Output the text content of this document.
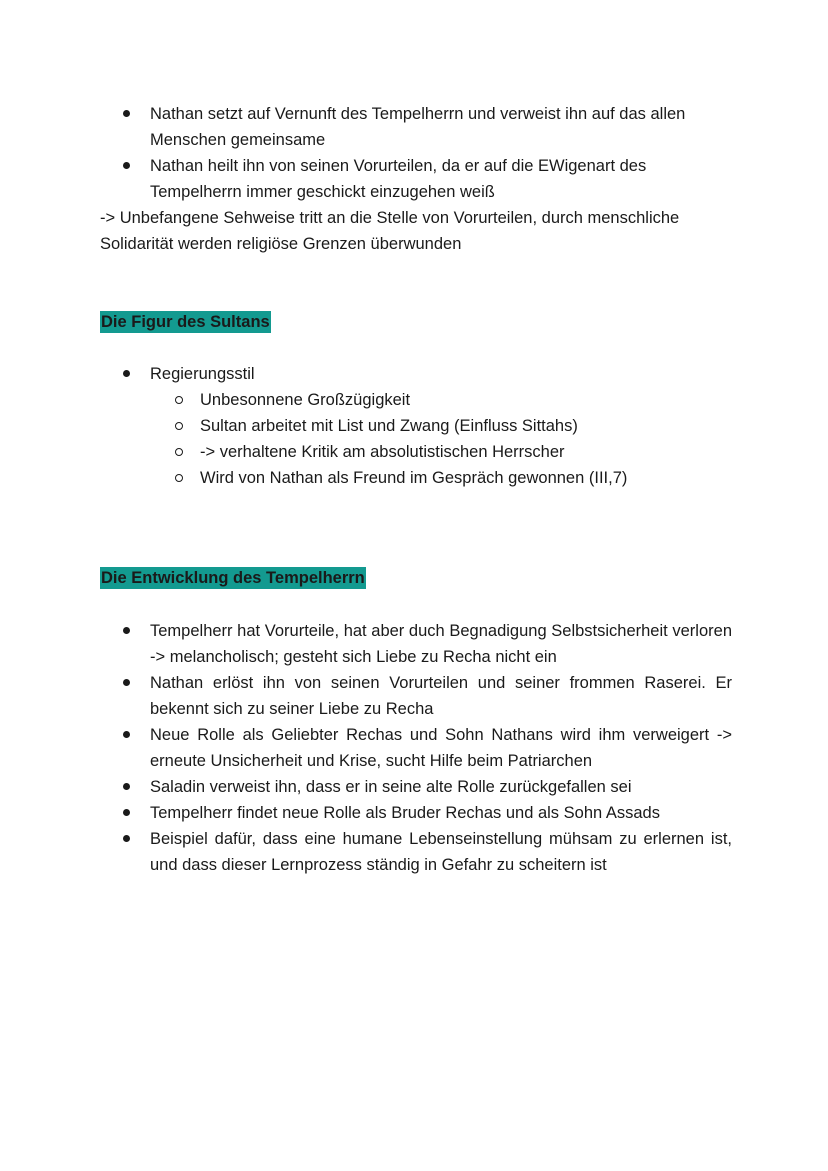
Nathan setzt auf Vernunft des Tempelherrn und verweist ihn auf das allen Menschen gemeinsame
Nathan heilt ihn von seinen Vorurteilen, da er auf die EWigenart des Tempelherrn immer geschickt einzugehen weiß
-> Unbefangene Sehweise tritt an die Stelle von Vorurteilen, durch menschliche Solidarität werden religiöse Grenzen überwunden
Die Figur des Sultans
Regierungsstil
Unbesonnene Großzügigkeit
Sultan arbeitet mit List und Zwang (Einfluss Sittahs)
-> verhaltene Kritik am absolutistischen Herrscher
Wird von Nathan als Freund im Gespräch gewonnen (III,7)
Die Entwicklung des Tempelherrn
Tempelherr hat Vorurteile, hat aber duch Begnadigung Selbstsicherheit verloren -> melancholisch; gesteht sich Liebe zu Recha nicht ein
Nathan erlöst ihn von seinen Vorurteilen und seiner frommen Raserei. Er bekennt sich zu seiner Liebe zu Recha
Neue Rolle als Geliebter Rechas und Sohn Nathans wird ihm verweigert -> erneute Unsicherheit und Krise, sucht Hilfe beim Patriarchen
Saladin verweist ihn, dass er in seine alte Rolle zurückgefallen sei
Tempelherr findet neue Rolle als Bruder Rechas und als Sohn Assads
Beispiel dafür, dass eine humane Lebenseinstellung mühsam zu erlernen ist, und dass dieser Lernprozess ständig in Gefahr zu scheitern ist
